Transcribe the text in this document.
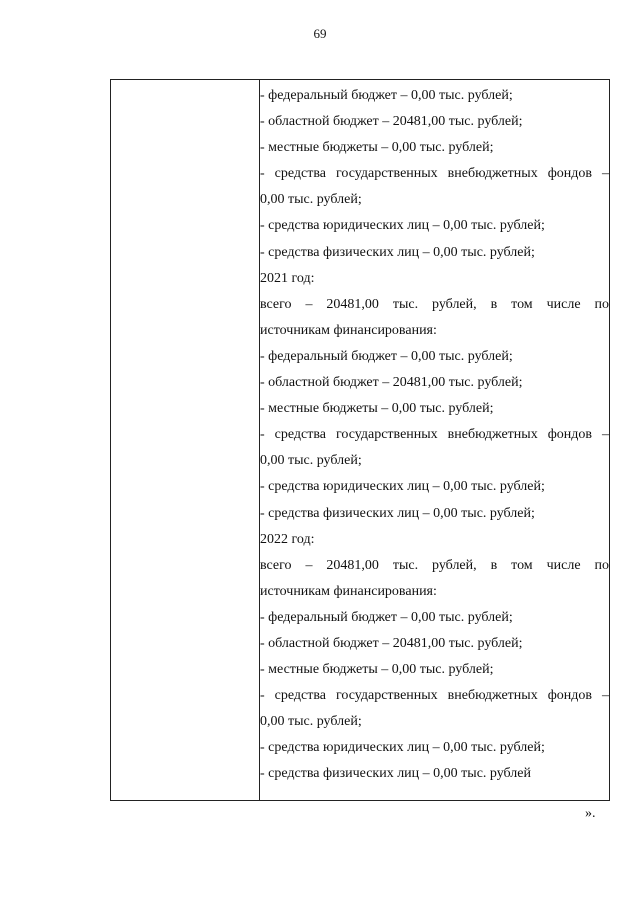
69
- федеральный бюджет – 0,00 тыс. рублей;
- областной бюджет – 20481,00 тыс. рублей;
- местные бюджеты – 0,00 тыс. рублей;
- средства государственных внебюджетных фондов –
0,00 тыс. рублей;
- средства юридических лиц – 0,00 тыс. рублей;
- средства физических лиц – 0,00 тыс. рублей;
2021 год:
всего – 20481,00 тыс. рублей, в том числе по
источникам финансирования:
- федеральный бюджет – 0,00 тыс. рублей;
- областной бюджет – 20481,00 тыс. рублей;
- местные бюджеты – 0,00 тыс. рублей;
- средства государственных внебюджетных фондов –
0,00 тыс. рублей;
- средства юридических лиц – 0,00 тыс. рублей;
- средства физических лиц – 0,00 тыс. рублей;
2022 год:
всего – 20481,00 тыс. рублей, в том числе по
источникам финансирования:
- федеральный бюджет – 0,00 тыс. рублей;
- областной бюджет – 20481,00 тыс. рублей;
- местные бюджеты – 0,00 тыс. рублей;
- средства государственных внебюджетных фондов –
0,00 тыс. рублей;
- средства юридических лиц – 0,00 тыс. рублей;
- средства физических лиц – 0,00 тыс. рублей
».
